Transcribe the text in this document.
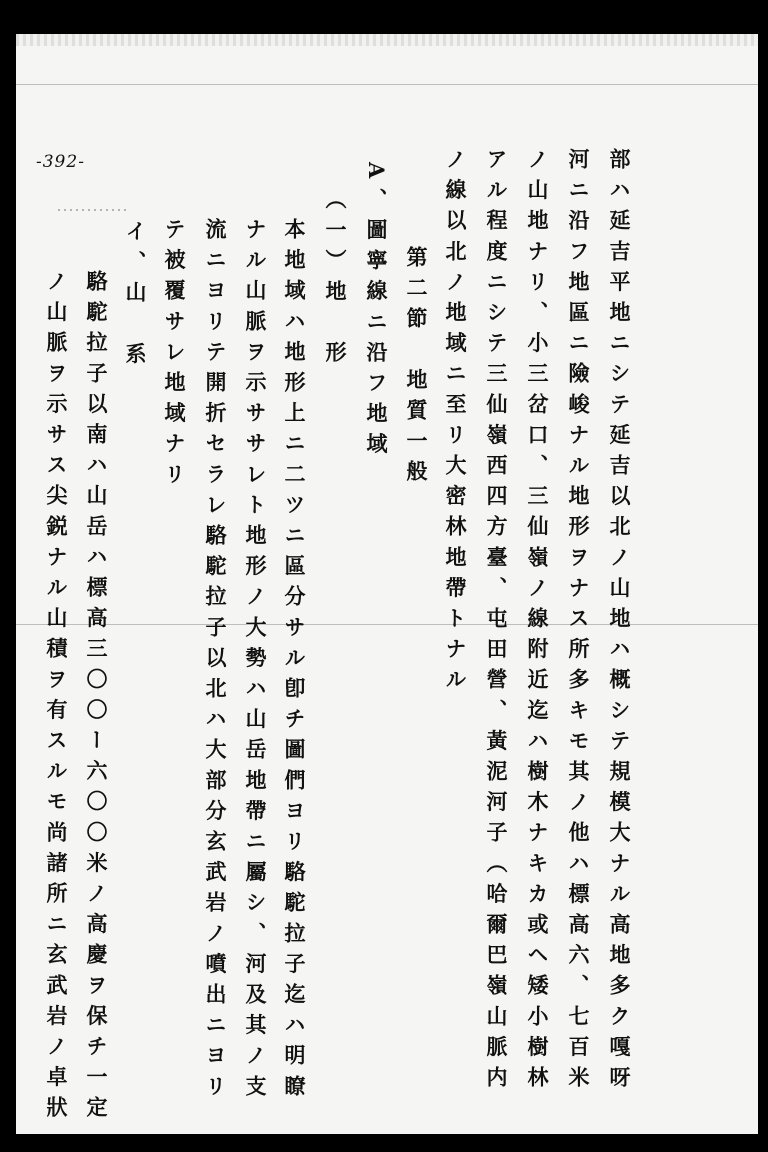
-392-	部ハ延吉平地ニシテ延吉以北ノ山地ハ概シテ規模大ナル高地多ク嘎呀
河ニ沿フ地區ニ險峻ナル地形ヲナス所多キモ其ノ他ハ標高六、七百米
ノ山地ナリ、小三岔口、三仙嶺ノ線附近迄ハ樹木ナキカ或ヘ矮小樹林
アル程度ニシテ三仙嶺西四方臺、屯田營、黃泥河子（哈爾巴嶺山脈内
ノ線以北ノ地域ニ至リ大密林地帶トナル
第二節　地質一般
A、圖寧線ニ沿フ地域
（一）地　形
本地域ハ地形上ニ二ツニ區分サル卽チ圖們ヨリ駱駝拉子迄ハ明瞭
ナル山脈ヲ示ササレト地形ノ大勢ハ山岳地帶ニ屬シ、河及其ノ支
流ニヨリテ開折セラレ駱駝拉子以北ハ大部分玄武岩ノ噴出ニヨリ
テ被覆サレ地域ナリ
イ、山　系
駱駝拉子以南ハ山岳ハ標高三〇〇ー六〇〇米ノ高慶ヲ保チ一定
ノ山脈ヲ示サス尖鋭ナル山積ヲ有スルモ尚諸所ニ玄武岩ノ卓狀
